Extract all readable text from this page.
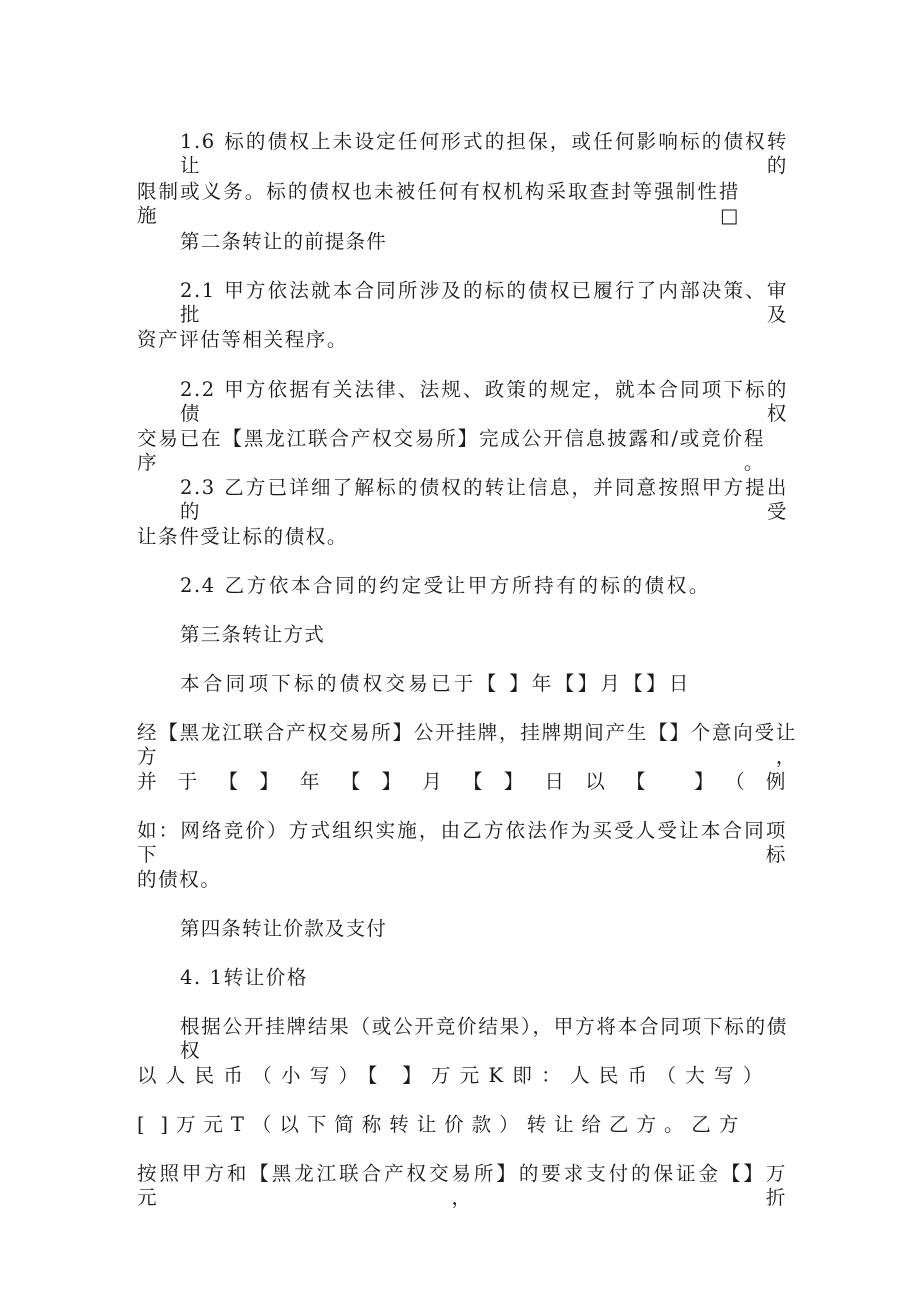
1.6 标的债权上未设定任何形式的担保，或任何影响标的债权转让的
限制或义务。标的债权也未被任何有权机构采取查封等强制性措施□
第二条转让的前提条件
2.1 甲方依法就本合同所涉及的标的债权已履行了内部决策、审批及
资产评估等相关程序。
2.2 甲方依据有关法律、法规、政策的规定，就本合同项下标的债权
交易已在【黑龙江联合产权交易所】完成公开信息披露和/或竞价程序。
2.3 乙方已详细了解标的债权的转让信息，并同意按照甲方提出的受
让条件受让标的债权。
2.4 乙方依本合同的约定受让甲方所持有的标的债权。
第三条转让方式
本合同项下标的债权交易已于【 】年【】月【】日
经【黑龙江联合产权交易所】公开挂牌，挂牌期间产生【】个意向受让方，
并于【】年【】月【】日以【 】（例
如：网络竞价）方式组织实施，由乙方依法作为买受人受让本合同项下标
的债权。
第四条转让价款及支付
4. 1转让价格
根据公开挂牌结果（或公开竞价结果），甲方将本合同项下标的债权
以人民币（小写）【 】万元K即：人民币（大写）
[ ]万元T（以下简称转让价款）转让给乙方。乙方
按照甲方和【黑龙江联合产权交易所】的要求支付的保证金【】万元，折
